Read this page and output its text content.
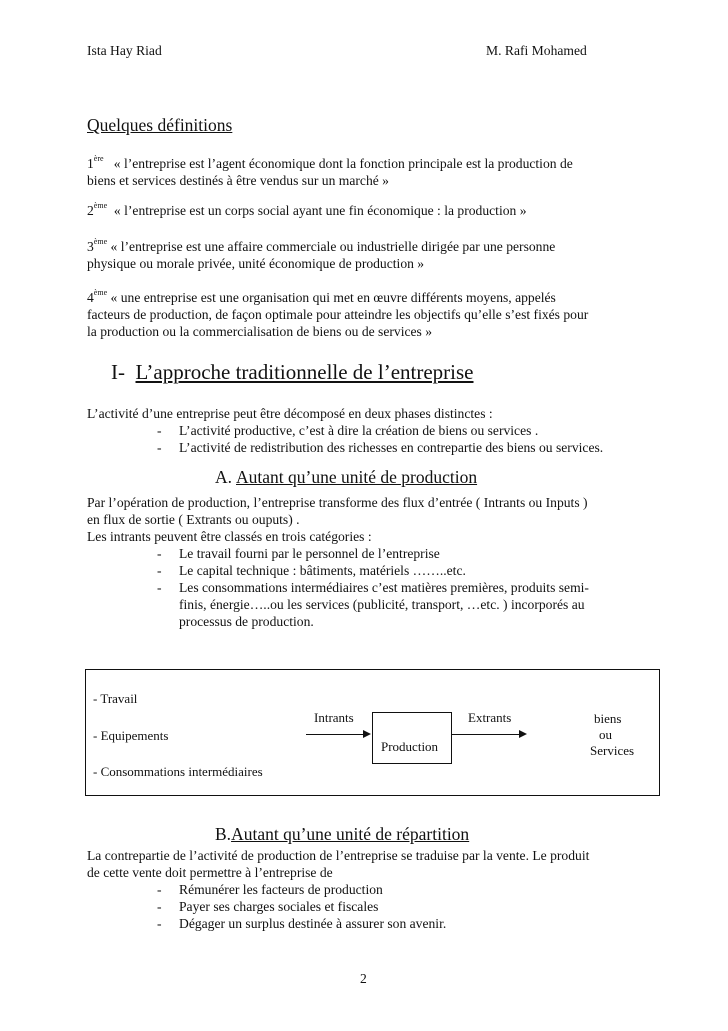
Ista Hay Riad	M. Rafi Mohamed
Quelques définitions
1ère « l’entreprise est l’agent économique dont la fonction principale est la production de
biens et services destinés à être vendus sur un marché »
2ème « l’entreprise est un corps social ayant une fin économique : la production »
3ème « l’entreprise est une affaire commerciale ou industrielle dirigée par une personne
physique ou morale privée, unité économique de production »
4ème « une entreprise est une organisation qui met en œuvre différents moyens, appelés
facteurs de production, de façon optimale pour atteindre les objectifs qu’elle s’est fixés pour
la production ou la commercialisation de biens ou de services »
I- L’approche traditionnelle de l’entreprise
L’activité d’une entreprise peut être décomposé en deux phases distinctes :
- L’activité productive, c’est à dire la création de biens ou services .
- L’activité de redistribution des richesses en contrepartie des biens ou services.
A. Autant qu’une unité de production
Par l’opération de production, l’entreprise transforme des flux d’entrée ( Intrants ou Inputs )
en flux de sortie ( Extrants ou ouputs) .
Les intrants peuvent être classés en trois catégories :
- Le travail fourni par le personnel de l’entreprise
- Le capital technique : bâtiments, matériels ……..etc.
- Les consommations intermédiaires c’est matières premières, produits semi-
finis, énergie…..ou les services (publicité, transport, …etc. ) incorporés au
processus de production.
- Travail
- Equipements
- Consommations intermédiaires
Intrants
Production
Extrants	biens
ou
Services
B.Autant qu’une unité de répartition
La contrepartie de l’activité de production de l’entreprise se traduise par la vente. Le produit
de cette vente doit permettre à l’entreprise de
- Rémunérer les facteurs de production
- Payer ses charges sociales et fiscales
- Dégager un surplus destinée à assurer son avenir.
2
